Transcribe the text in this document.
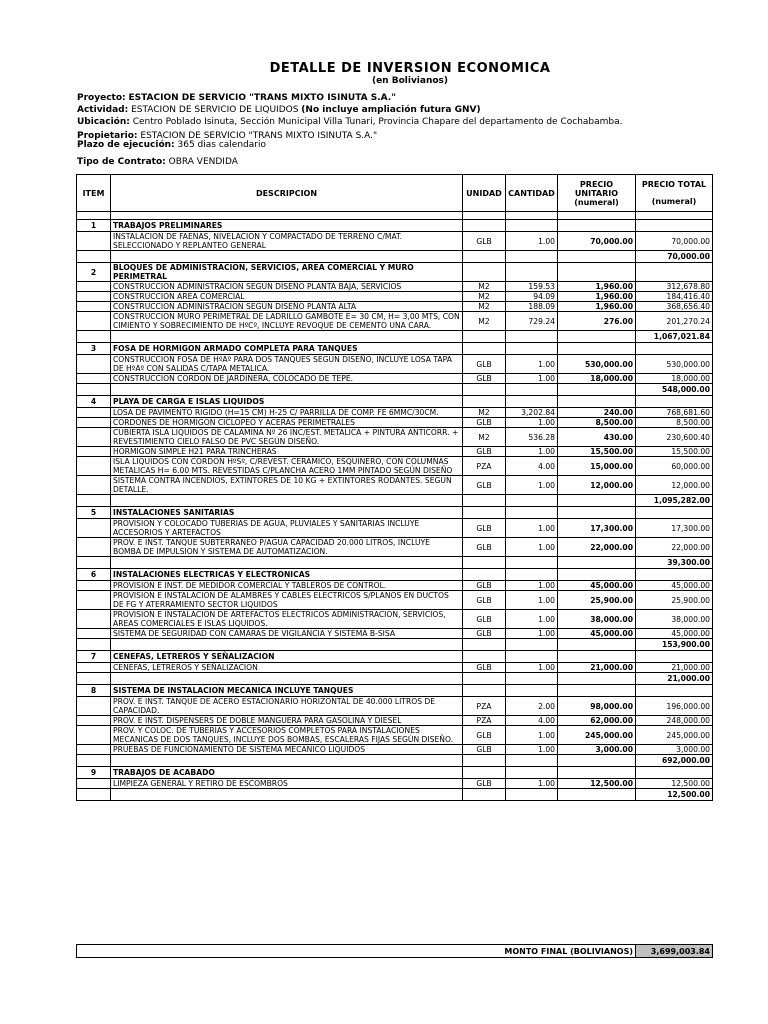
DETALLE DE INVERSION ECONOMICA
(en Bolivianos)
Proyecto: ESTACION DE SERVICIO "TRANS MIXTO ISINUTA S.A."
Actividad: ESTACION DE SERVICIO DE LIQUIDOS (No incluye ampliación futura GNV)
Ubicación: Centro Poblado Isinuta, Sección Municipal Villa Tunari, Provincia Chapare del departamento de Cochabamba.
Propietario: ESTACION DE SERVICIO "TRANS MIXTO ISINUTA S.A."
Plazo de ejecución: 365 dias calendario
Tipo de Contrato: OBRA VENDIDA
ITEM	DESCRIPCION	UNIDAD	CANTIDAD	PRECIO UNITARIO (numeral)	PRECIO TOTAL
(numeral)

1	TRABAJOS PRELIMINARES				
	INSTALACION DE FAENAS, NIVELACION Y COMPACTADO DE TERRENO C/MAT. SELECCIONADO Y REPLANTEO GENERAL	GLB	1.00	70,000.00	70,000.00
					70,000.00
2	BLOQUES DE ADMINISTRACION, SERVICIOS, AREA COMERCIAL Y MURO PERIMETRAL				
	CONSTRUCCION ADMINISTRACION SEGÚN DISEÑO PLANTA BAJA, SERVICIOS	M2	159.53	1,960.00	312,678.80
	CONSTRUCCION AREA COMERCIAL	M2	94.09	1,960.00	184,416.40
	CONSTRUCCION ADMINISTRACION SEGÚN DISEÑO PLANTA ALTA	M2	188.09	1,960.00	368,656.40
	CONSTRUCCION MURO PERIMETRAL DE LADRILLO GAMBOTE E= 30 CM, H= 3,00 MTS, CON CIMIENTO Y SOBRECIMIENTO DE HºCº, INCLUYE REVOQUE DE CEMENTO UNA CARA.	M2	729.24	276.00	201,270.24
					1,067,021.84
3	FOSA DE HORMIGON ARMADO COMPLETA PARA TANQUES				
	CONSTRUCCION FOSA DE HºAº PARA DOS TANQUES SEGÚN DISEÑO, INCLUYE LOSA TAPA DE HºAº CON SALIDAS C/TAPA METALICA.	GLB	1.00	530,000.00	530,000.00
	CONSTRUCCION CORDON DE JARDINERA, COLOCADO DE TEPE.	GLB	1.00	18,000.00	18,000.00
					548,000.00
4	PLAYA DE CARGA E ISLAS LIQUIDOS				
	LOSA DE PAVIMENTO RIGIDO (H=15 CM) H-25 C/ PARRILLA DE COMP. FE 6MMC/30CM.	M2	3,202.84	240.00	768,681.60
	CORDONES DE HORMIGON CICLOPEO Y ACERAS PERIMETRALES	GLB	1.00	8,500.00	8,500.00
	CUBIERTA ISLA LIQUIDOS DE CALAMINA Nº 26 INC/EST. METALICA + PINTURA ANTICORR. + REVESTIMIENTO CIELO FALSO DE PVC SEGÚN DISEÑO.	M2	536.28	430.00	230,600.40
	HORMIGON SIMPLE H21 PARA TRINCHERAS	GLB	1.00	15,500.00	15,500.00
	ISLA LIQUIDOS CON CORDON HºSº, C/REVEST. CERAMICO, ESQUINERO, CON COLUMNAS METALICAS H= 6.00 MTS. REVESTIDAS C/PLANCHA ACERO 1MM PINTADO SEGÚN DISEÑO	PZA	4.00	15,000.00	60,000.00
	SISTEMA CONTRA INCENDIOS, EXTINTORES DE 10 KG + EXTINTORES RODANTES. SEGÚN DETALLE.	GLB	1.00	12,000.00	12,000.00
					1,095,282.00
5	INSTALACIONES SANITARIAS				
	PROVISION Y COLOCADO TUBERIAS DE AGUA, PLUVIALES Y SANITARIAS INCLUYE ACCESORIOS Y ARTEFACTOS	GLB	1.00	17,300.00	17,300.00
	PROV. E INST. TANQUE SUBTERRANEO P/AGUA CAPACIDAD 20.000 LITROS, INCLUYE BOMBA DE IMPULSION Y SISTEMA DE AUTOMATIZACION.	GLB	1.00	22,000.00	22,000.00
					39,300.00
6	INSTALACIONES ELECTRICAS Y ELECTRONICAS				
	PROVISION E INST. DE MEDIDOR COMERCIAL Y TABLEROS DE CONTROL.	GLB	1.00	45,000.00	45,000.00
	PROVISION E INSTALACION DE ALAMBRES Y CABLES ELECTRICOS S/PLANOS EN DUCTOS DE FG Y ATERRAMIENTO SECTOR LIQUIDOS	GLB	1.00	25,900.00	25,900.00
	PROVISION E INSTALACION DE ARTEFACTOS ELECTRICOS ADMINISTRACION, SERVICIOS, AREAS COMERCIALES E ISLAS LIQUIDOS.	GLB	1.00	38,000.00	38,000.00
	SISTEMA DE SEGURIDAD CON CAMARAS DE VIGILANCIA Y SISTEMA B-SISA	GLB	1.00	45,000.00	45,000.00
					153,900.00
7	CENEFAS, LETREROS Y SEÑALIZACION				
	CENEFAS, LETREROS Y SEÑALIZACION	GLB	1.00	21,000.00	21,000.00
					21,000.00
8	SISTEMA DE INSTALACION MECANICA INCLUYE TANQUES				
	PROV. E INST. TANQUE DE ACERO ESTACIONARIO HORIZONTAL DE 40.000 LITROS DE CAPACIDAD.	PZA	2.00	98,000.00	196,000.00
	PROV. E INST. DISPENSERS DE DOBLE MANGUERA PARA GASOLINA Y DIESEL	PZA	4.00	62,000.00	248,000.00
	PROV. Y COLOC. DE TUBERIAS Y ACCESORIOS COMPLETOS PARA INSTALACIONES MECANICAS DE DOS TANQUES, INCLUYE DOS BOMBAS, ESCALERAS FIJAS SEGÚN DISEÑO.	GLB	1.00	245,000.00	245,000.00
	PRUEBAS DE FUNCIONAMIENTO DE SISTEMA MECANICO LIQUIDOS	GLB	1.00	3,000.00	3,000.00
					692,000.00
9	TRABAJOS DE ACABADO				
	LIMPIEZA GENERAL Y RETIRO DE ESCOMBROS	GLB	1.00	12,500.00	12,500.00
					12,500.00
MONTO FINAL (BOLIVIANOS)	3,699,003.84
